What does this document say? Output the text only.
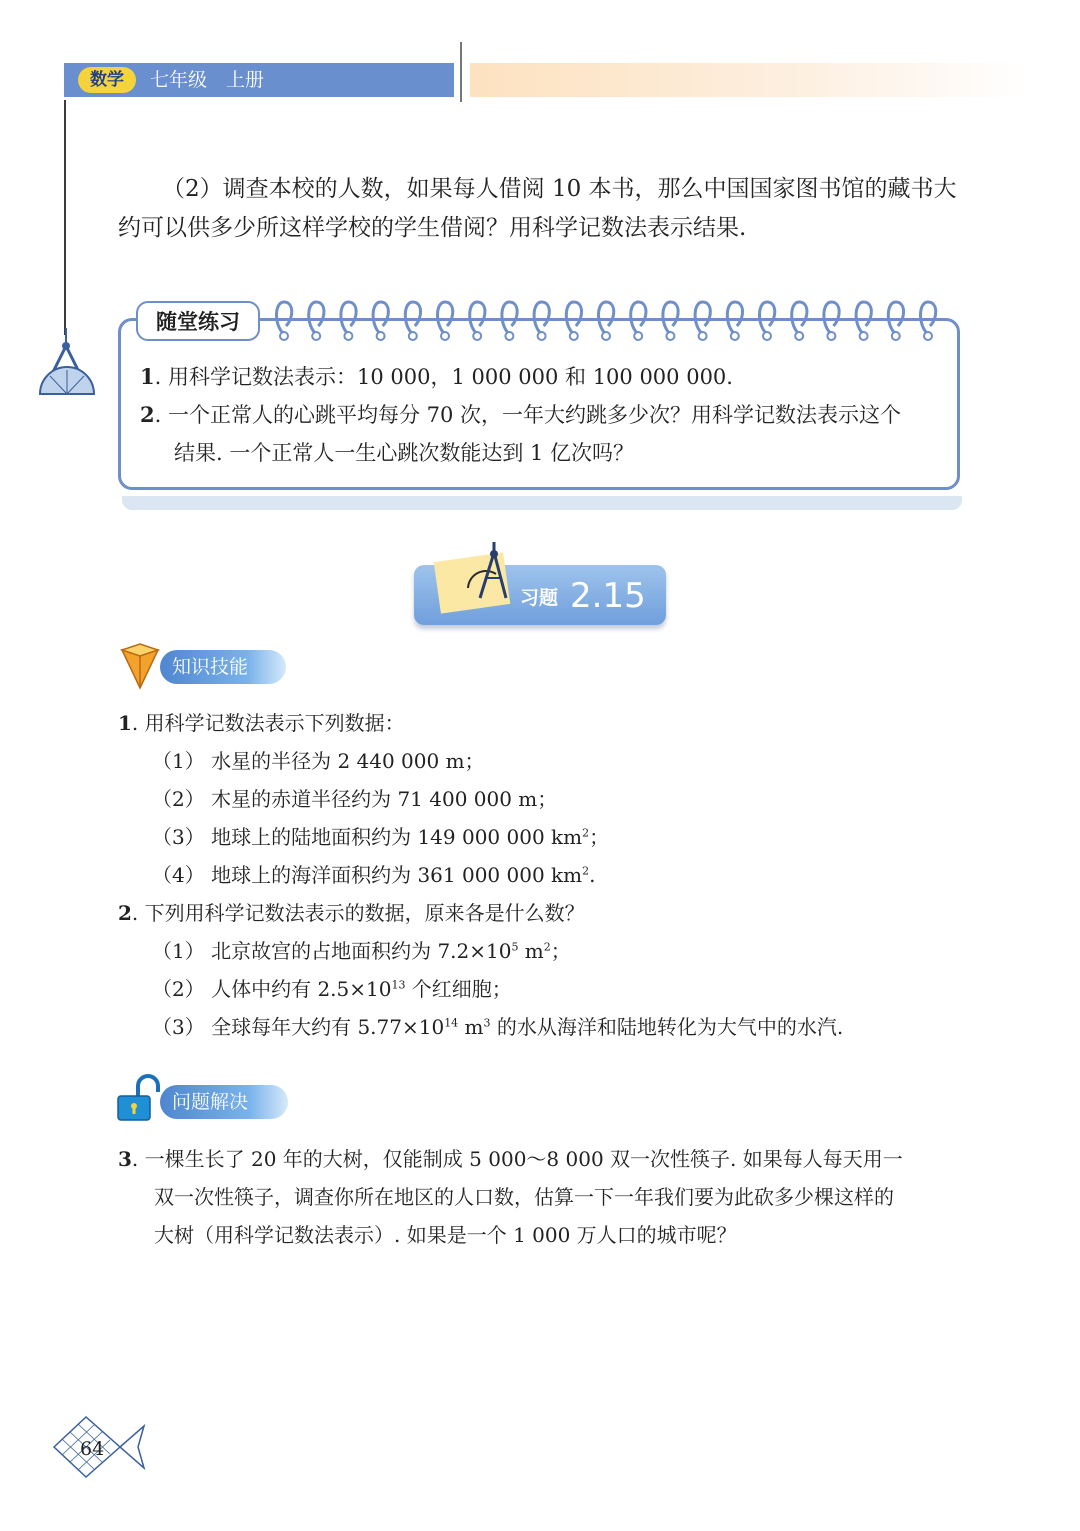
数学	七年级　上册
（2）调查本校的人数，如果每人借阅 10 本书，那么中国国家图书馆的藏书大约可以供多少所这样学校的学生借阅？用科学记数法表示结果.
随堂练习
1. 用科学记数法表示：10 000，1 000 000 和 100 000 000.
2. 一个正常人的心跳平均每分 70 次，一年大约跳多少次？用科学记数法表示这个
结果. 一个正常人一生心跳次数能达到 1 亿次吗？
习题 2.15
知识技能
1. 用科学记数法表示下列数据：
（1） 水星的半径为 2 440 000 m；
（2） 木星的赤道半径约为 71 400 000 m；
（3） 地球上的陆地面积约为 149 000 000 $km^2$；
（4） 地球上的海洋面积约为 361 000 000 $km^2$.
2. 下列用科学记数法表示的数据，原来各是什么数？
（1） 北京故宫的占地面积约为 $7.2\times 10^5$ $m^2$；
（2） 人体中约有 $2.5\times 10^{13}$ 个红细胞；
（3） 全球每年大约有 $5.77\times 10^{14}$ $m^3$ 的水从海洋和陆地转化为大气中的水汽.
问题解决
3. 一棵生长了 20 年的大树，仅能制成 5 000～8 000 双一次性筷子. 如果每人每天用一
双一次性筷子，调查你所在地区的人口数，估算一下一年我们要为此砍多少棵这样的
大树（用科学记数法表示）. 如果是一个 1 000 万人口的城市呢？
64
